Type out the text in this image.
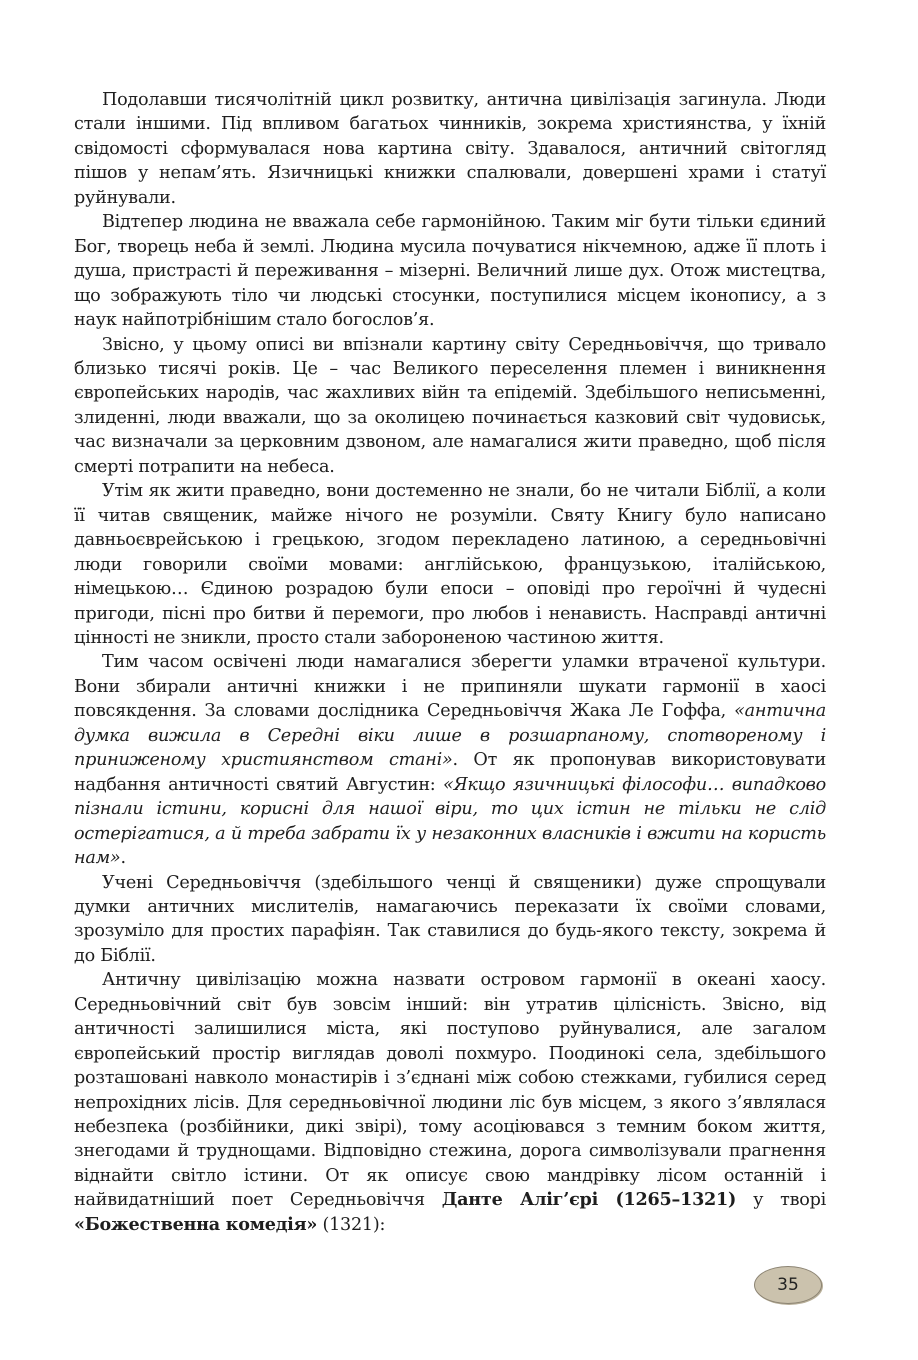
Подолавши тисячолітній цикл розвитку, антична цивілізація загинула. Люди стали іншими. Під впливом багатьох чинників, зокрема християнства, у їхній свідомості сформувалася нова картина світу. Здавалося, античний світогляд пішов у непам’ять. Язичницькі книжки спалювали, довершені храми і статуї руйнували.

Відтепер людина не вважала себе гармонійною. Таким міг бути тільки єдиний Бог, творець неба й землі. Людина мусила почуватися нікчемною, адже її плоть і душа, пристрасті й переживання – мізерні. Величний лише дух. Отож мистецтва, що зображують тіло чи людські стосунки, поступилися місцем іконопису, а з наук найпотрібнішим стало богослов’я.

Звісно, у цьому описі ви впізнали картину світу Середньовіччя, що тривало близько тисячі років. Це – час Великого переселення племен і виникнення європейських народів, час жахливих війн та епідемій. Здебільшого неписьменні, злиденні, люди вважали, що за околицею починається казковий світ чудовиськ, час визначали за церковним дзвоном, але намагалися жити праведно, щоб після смерті потрапити на небеса.

Утім як жити праведно, вони достеменно не знали, бо не читали Біблії, а коли її читав священик, майже нічого не розуміли. Святу Книгу було написано давньоєврейською і грецькою, згодом перекладено латиною, а середньовічні люди говорили своїми мовами: англійською, французькою, італійською, німецькою… Єдиною розрадою були епоси – оповіді про героїчні й чудесні пригоди, пісні про битви й перемоги, про любов і ненависть. Насправді античні цінності не зникли, просто стали забороненою частиною життя.

Тим часом освічені люди намагалися зберегти уламки втраченої культури. Вони збирали античні книжки і не припиняли шукати гармонії в хаосі повсякдення. За словами дослідника Середньовіччя Жака Ле Гоффа, «антична думка вижила в Середні віки лише в розшарпаному, спотвореному і приниженому християнством стані». От як пропонував використовувати надбання античності святий Августин: «Якщо язичницькі філософи… випадково пізнали істини, корисні для нашої віри, то цих істин не тільки не слід остерігатися, а й треба забрати їх у незаконних власників і вжити на користь нам».

Учені Середньовіччя (здебільшого ченці й священики) дуже спрощували думки античних мислителів, намагаючись переказати їх своїми словами, зрозуміло для простих парафіян. Так ставилися до будь-якого тексту, зокрема й до Біблії.

Античну цивілізацію можна назвати островом гармонії в океані хаосу. Середньовічний світ був зовсім інший: він утратив цілісність. Звісно, від античності залишилися міста, які поступово руйнувалися, але загалом європейський простір виглядав доволі похмуро. Поодинокі села, здебільшого розташовані навколо монастирів і з’єднані між собою стежками, губилися серед непрохідних лісів. Для середньовічної людини ліс був місцем, з якого з’являлася небезпека (розбійники, дикі звірі), тому асоціювався з темним боком життя, знегодами й труднощами. Відповідно стежина, дорога символізували прагнення віднайти світло істини. От як описує свою мандрівку лісом останній і найвидатніший поет Середньовіччя Данте Аліг’єрі (1265–1321) у творі «Божественна комедія» (1321):

35
